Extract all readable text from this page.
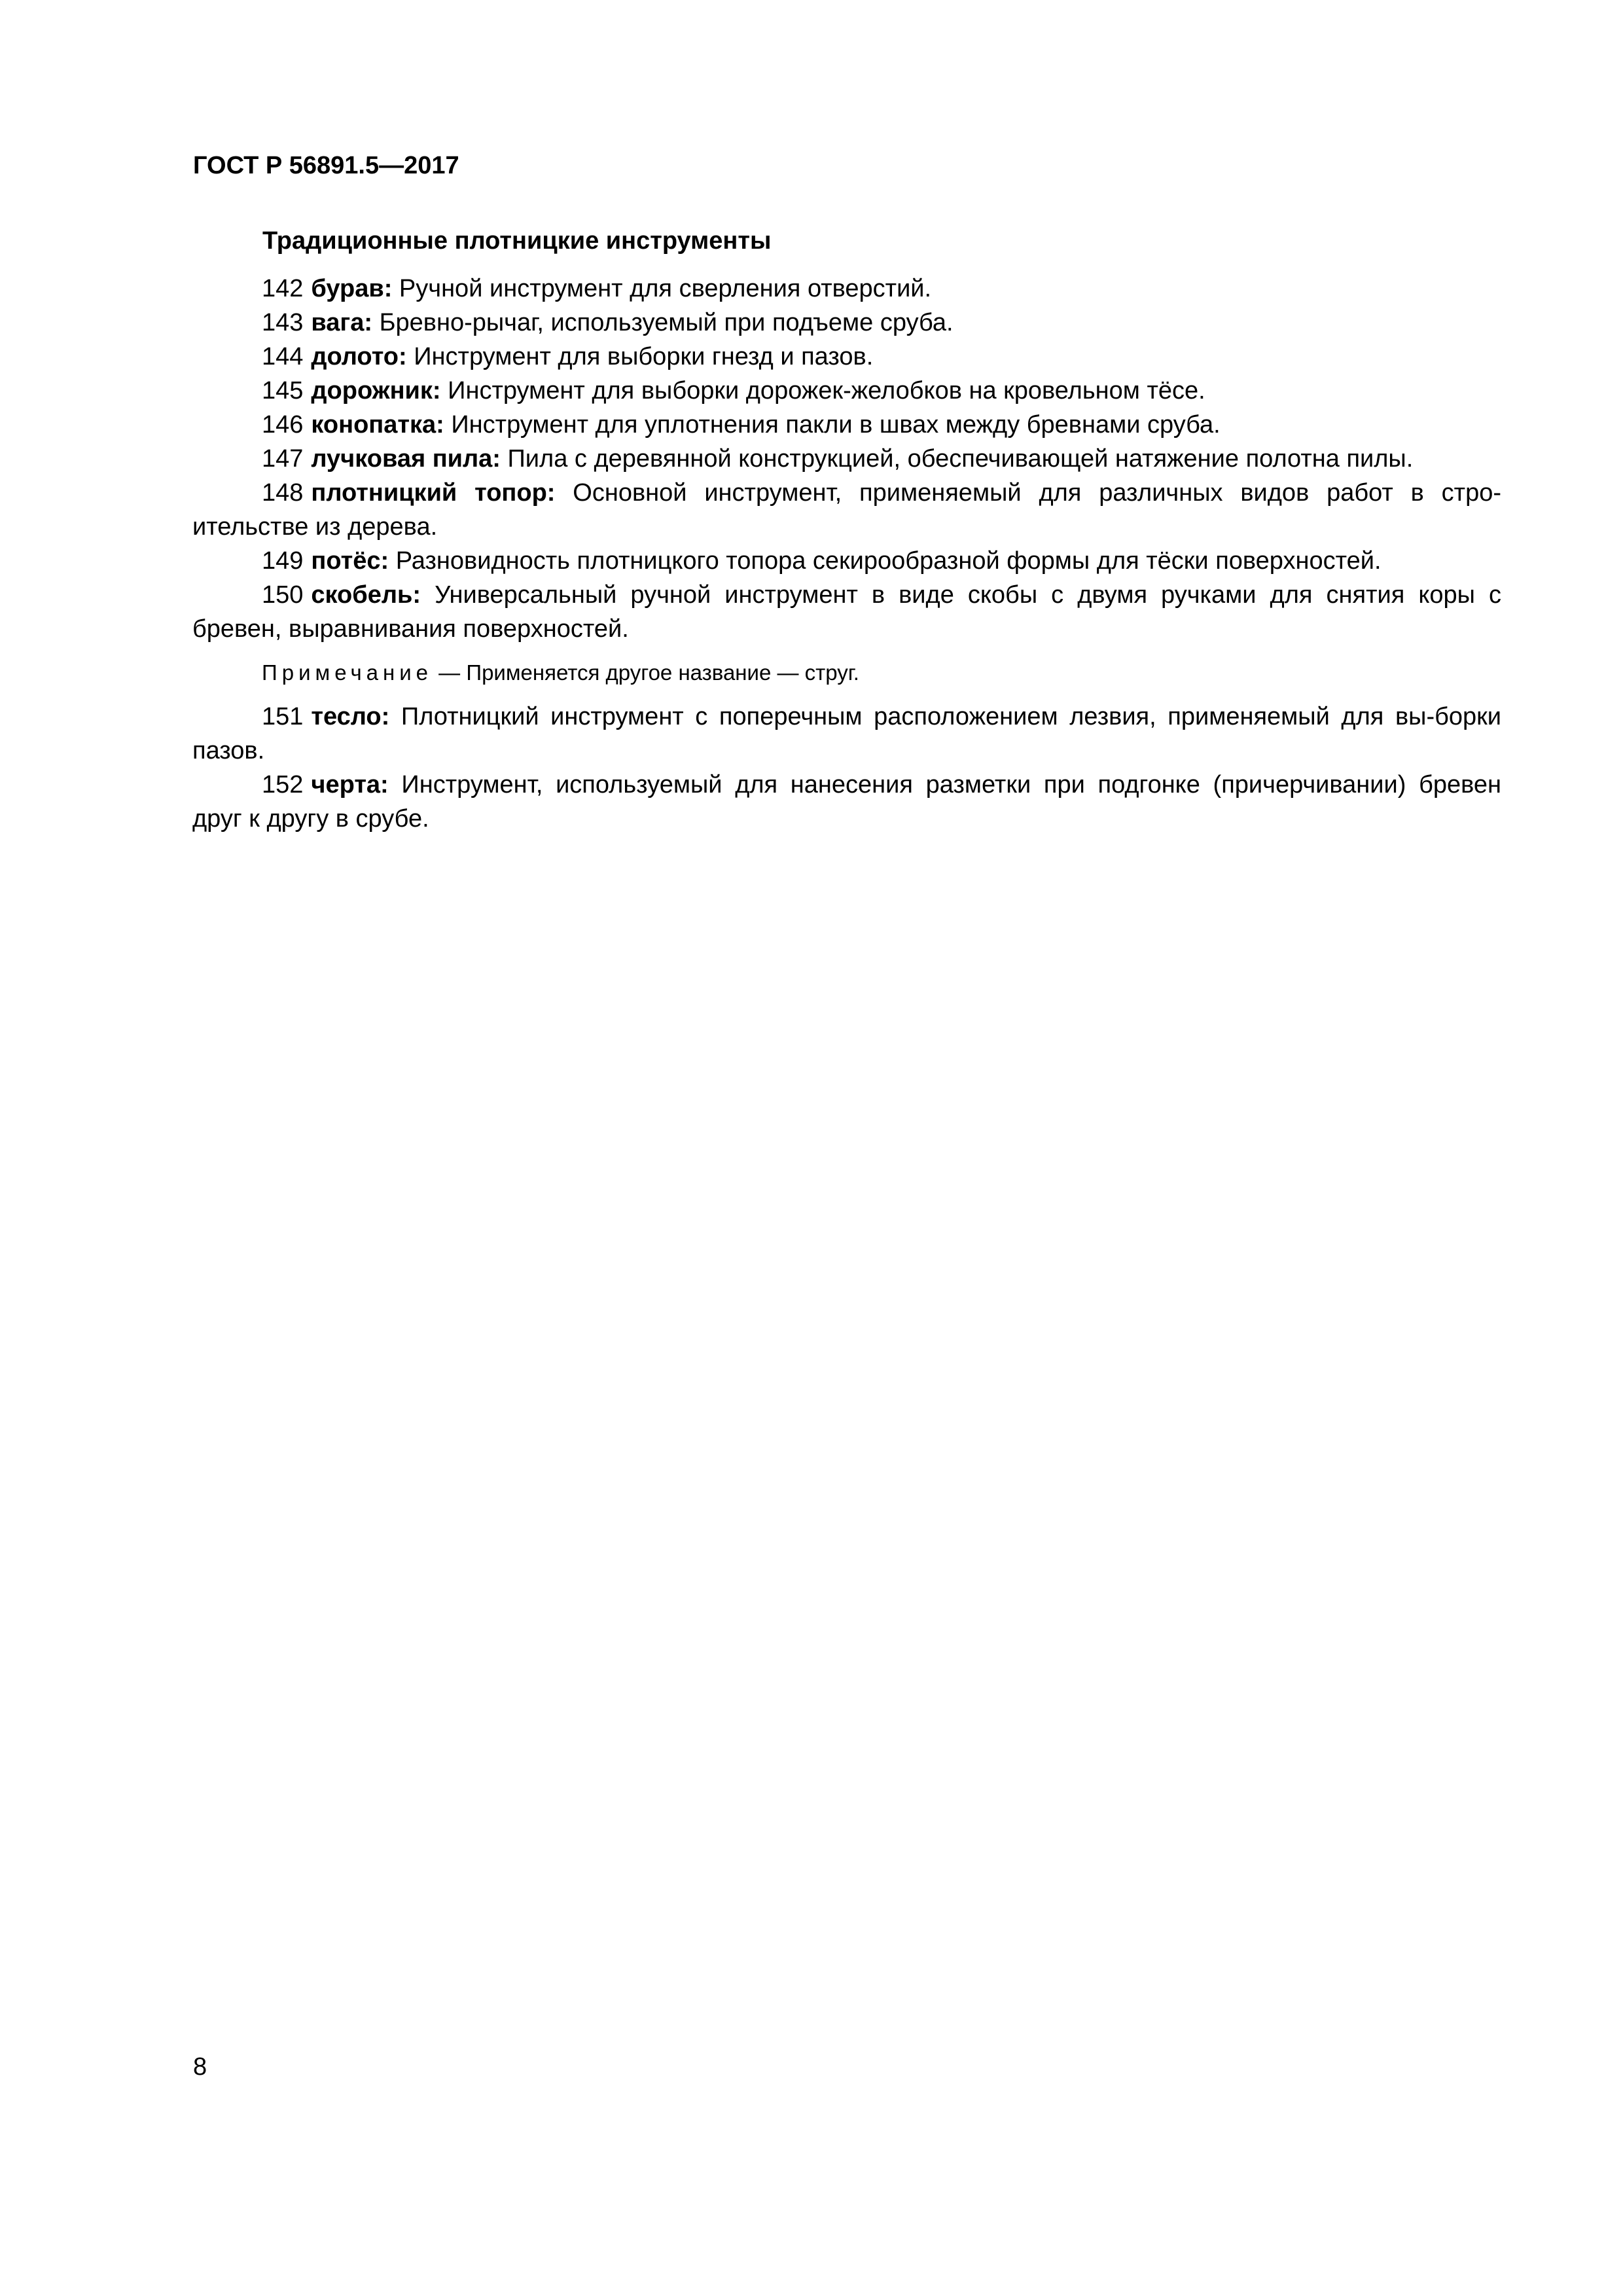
ГОСТ Р 56891.5—2017
Традиционные плотницкие инструменты

142 бурав: Ручной инструмент для сверления отверстий.

143 вага: Бревно-рычаг, используемый при подъеме сруба.

144 долото: Инструмент для выборки гнезд и пазов.

145 дорожник: Инструмент для выборки дорожек-желобков на кровельном тёсе.

146 конопатка: Инструмент для уплотнения пакли в швах между бревнами сруба.

147 лучковая пила: Пила с деревянной конструкцией, обеспечивающей натяжение полотна пилы.

148 плотницкий топор: Основной инструмент, применяемый для различных видов работ в стро-ительстве из дерева.

149 потёс: Разновидность плотницкого топора секирообразной формы для тёски поверхностей.

150 скобель: Универсальный ручной инструмент в виде скобы с двумя ручками для снятия коры с бревен, выравнивания поверхностей.

Примечание — Применяется другое название — струг.

151 тесло: Плотницкий инструмент с поперечным расположением лезвия, применяемый для вы-борки пазов.

152 черта: Инструмент, используемый для нанесения разметки при подгонке (причерчивании) бревен друг к другу в срубе.

8
